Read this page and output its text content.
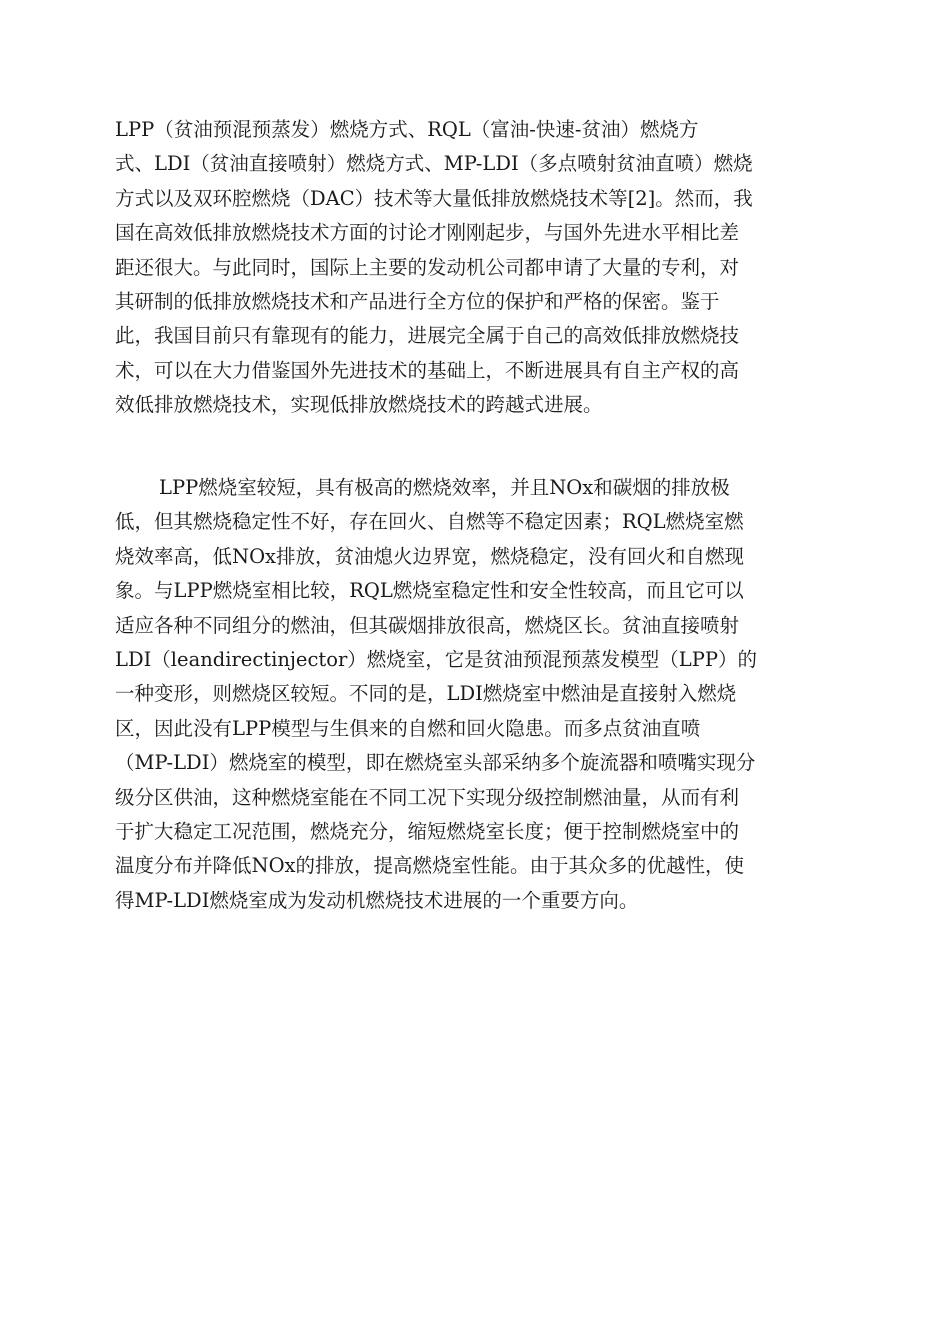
LPP（贫油预混预蒸发）燃烧方式、RQL（富油-快速-贫油）燃烧方
式、LDI（贫油直接喷射）燃烧方式、MP-LDI（多点喷射贫油直喷）燃烧
方式以及双环腔燃烧（DAC）技术等大量低排放燃烧技术等[2]。然而，我
国在高效低排放燃烧技术方面的讨论才刚刚起步，与国外先进水平相比差
距还很大。与此同时，国际上主要的发动机公司都申请了大量的专利，对
其研制的低排放燃烧技术和产品进行全方位的保护和严格的保密。鉴于
此，我国目前只有靠现有的能力，进展完全属于自己的高效低排放燃烧技
术，可以在大力借鉴国外先进技术的基础上，不断进展具有自主产权的高
效低排放燃烧技术，实现低排放燃烧技术的跨越式进展。
LPP燃烧室较短，具有极高的燃烧效率，并且NOx和碳烟的排放极
低，但其燃烧稳定性不好，存在回火、自燃等不稳定因素；RQL燃烧室燃
烧效率高，低NOx排放，贫油熄火边界宽，燃烧稳定，没有回火和自燃现
象。与LPP燃烧室相比较，RQL燃烧室稳定性和安全性较高，而且它可以
适应各种不同组分的燃油，但其碳烟排放很高，燃烧区长。贫油直接喷射
LDI（leandirectinjector）燃烧室，它是贫油预混预蒸发模型（LPP）的
一种变形，则燃烧区较短。不同的是，LDI燃烧室中燃油是直接射入燃烧
区，因此没有LPP模型与生俱来的自燃和回火隐患。而多点贫油直喷
（MP-LDI）燃烧室的模型，即在燃烧室头部采纳多个旋流器和喷嘴实现分
级分区供油，这种燃烧室能在不同工况下实现分级控制燃油量，从而有利
于扩大稳定工况范围，燃烧充分，缩短燃烧室长度；便于控制燃烧室中的
温度分布并降低NOx的排放，提高燃烧室性能。由于其众多的优越性，使
得MP-LDI燃烧室成为发动机燃烧技术进展的一个重要方向。
